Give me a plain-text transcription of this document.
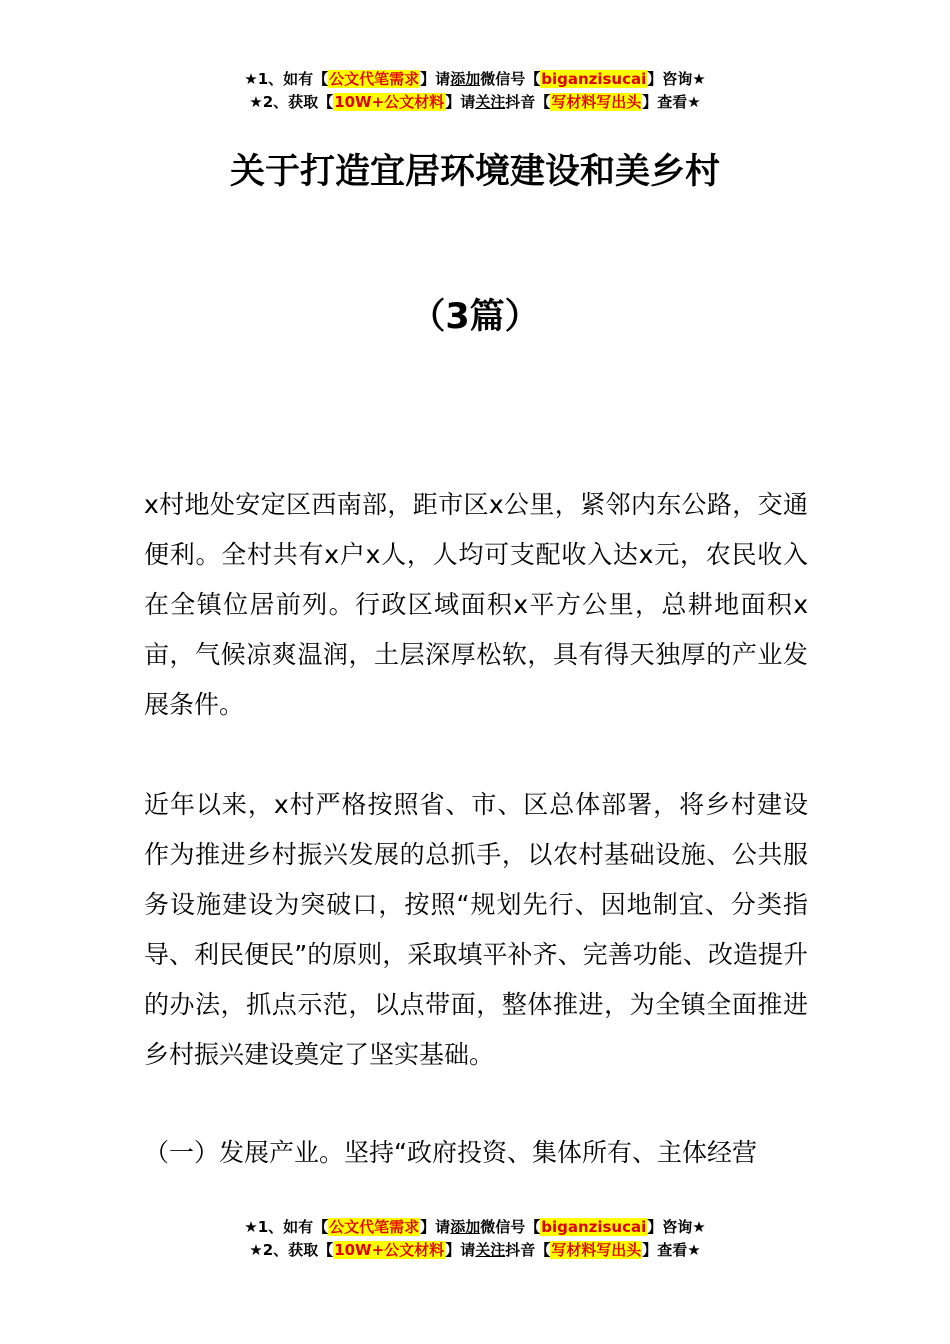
★1、如有【公文代笔需求】请添加微信号【biganzisucai】咨询★
★2、获取【10W+公文材料】请关注抖音【写材料写出头】查看★
关于打造宜居环境建设和美乡村
（3篇）
x村地处安定区西南部，距市区x公里，紧邻内东公路，交通便利。全村共有x户x人，人均可支配收入达x元，农民收入在全镇位居前列。行政区域面积x平方公里，总耕地面积x亩，气候凉爽温润，土层深厚松软，具有得天独厚的产业发展条件。
近年以来，x村严格按照省、市、区总体部署，将乡村建设作为推进乡村振兴发展的总抓手，以农村基础设施、公共服务设施建设为突破口，按照“规划先行、因地制宜、分类指导、利民便民”的原则，采取填平补齐、完善功能、改造提升的办法，抓点示范，以点带面，整体推进，为全镇全面推进乡村振兴建设奠定了坚实基础。
（一）发展产业。坚持“政府投资、集体所有、主体经营
★1、如有【公文代笔需求】请添加微信号【biganzisucai】咨询★
★2、获取【10W+公文材料】请关注抖音【写材料写出头】查看★
